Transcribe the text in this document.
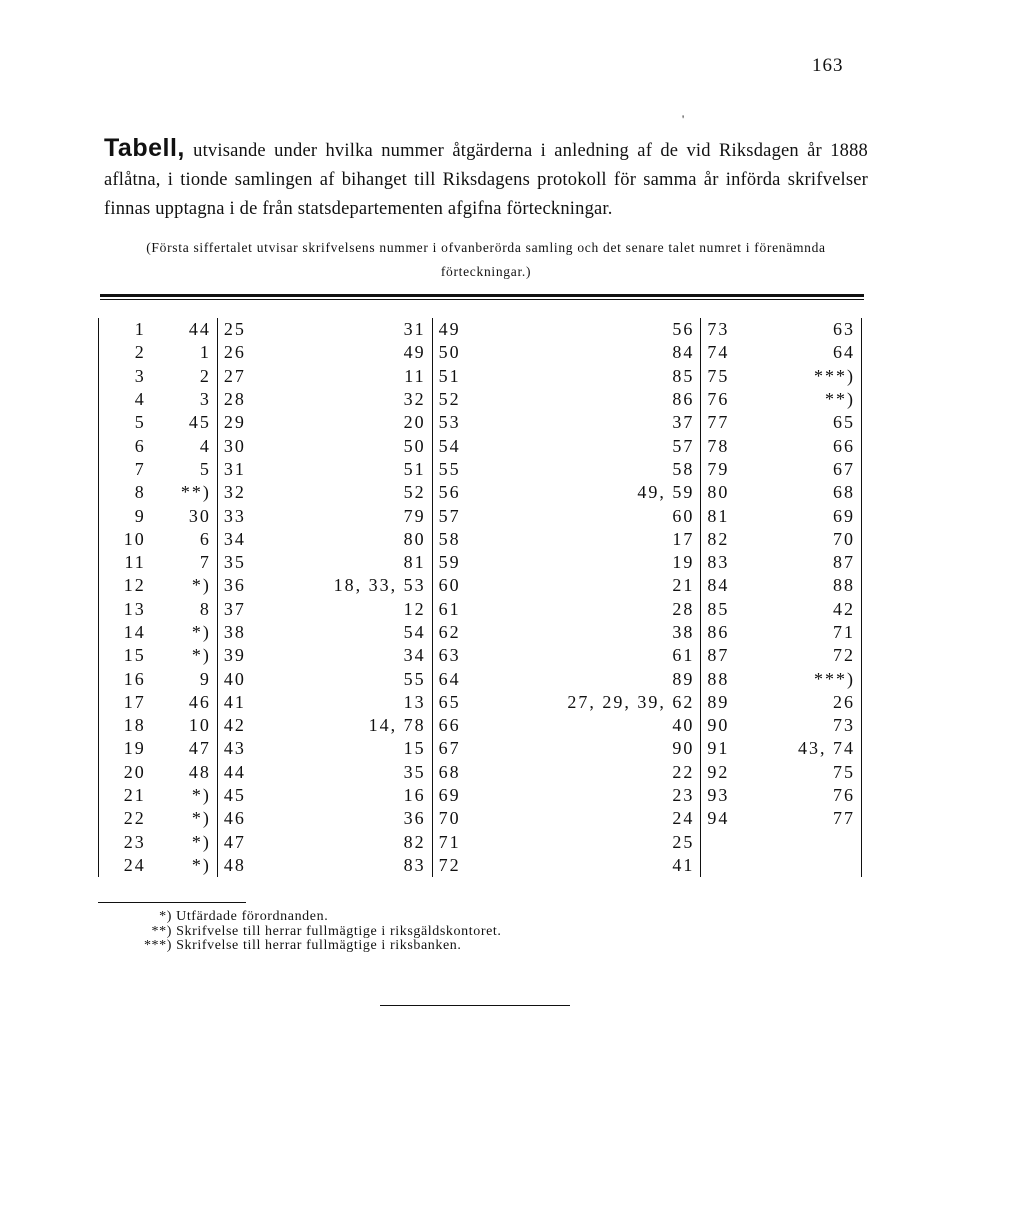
163
'
Tabell, utvisande under hvilka nummer åtgärderna i anledning af de vid Riksdagen år 1888 aflåtna, i tionde samlingen af bihanget till Riksdagens protokoll för samma år införda skrifvelser finnas upptagna i de från statsdepartementen afgifna förteckningar.
(Första siffertalet utvisar skrifvelsens nummer i ofvanberörda samling och det senare talet numret i förenämnda förteckningar.)
1	44	25	31	49	56	73	63
2	1	26	49	50	84	74	64
3	2	27	11	51	85	75	***)
4	3	28	32	52	86	76	**)
5	45	29	20	53	37	77	65
6	4	30	50	54	57	78	66
7	5	31	51	55	58	79	67
8	**)	32	52	56	49, 59	80	68
9	30	33	79	57	60	81	69
10	6	34	80	58	17	82	70
11	7	35	81	59	19	83	87
12	*)	36	18, 33, 53	60	21	84	88
13	8	37	12	61	28	85	42
14	*)	38	54	62	38	86	71
15	*)	39	34	63	61	87	72
16	9	40	55	64	89	88	***)
17	46	41	13	65	27, 29, 39, 62	89	26
18	10	42	14, 78	66	40	90	73
19	47	43	15	67	90	91	43, 74
20	48	44	35	68	22	92	75
21	*)	45	16	69	23	93	76
22	*)	46	36	70	24	94	77
23	*)	47	82	71	25		
24	*)	48	83	72	41		
*) Utfärdade förordnanden.
**) Skrifvelse till herrar fullmägtige i riksgäldskontoret.
***) Skrifvelse till herrar fullmägtige i riksbanken.
